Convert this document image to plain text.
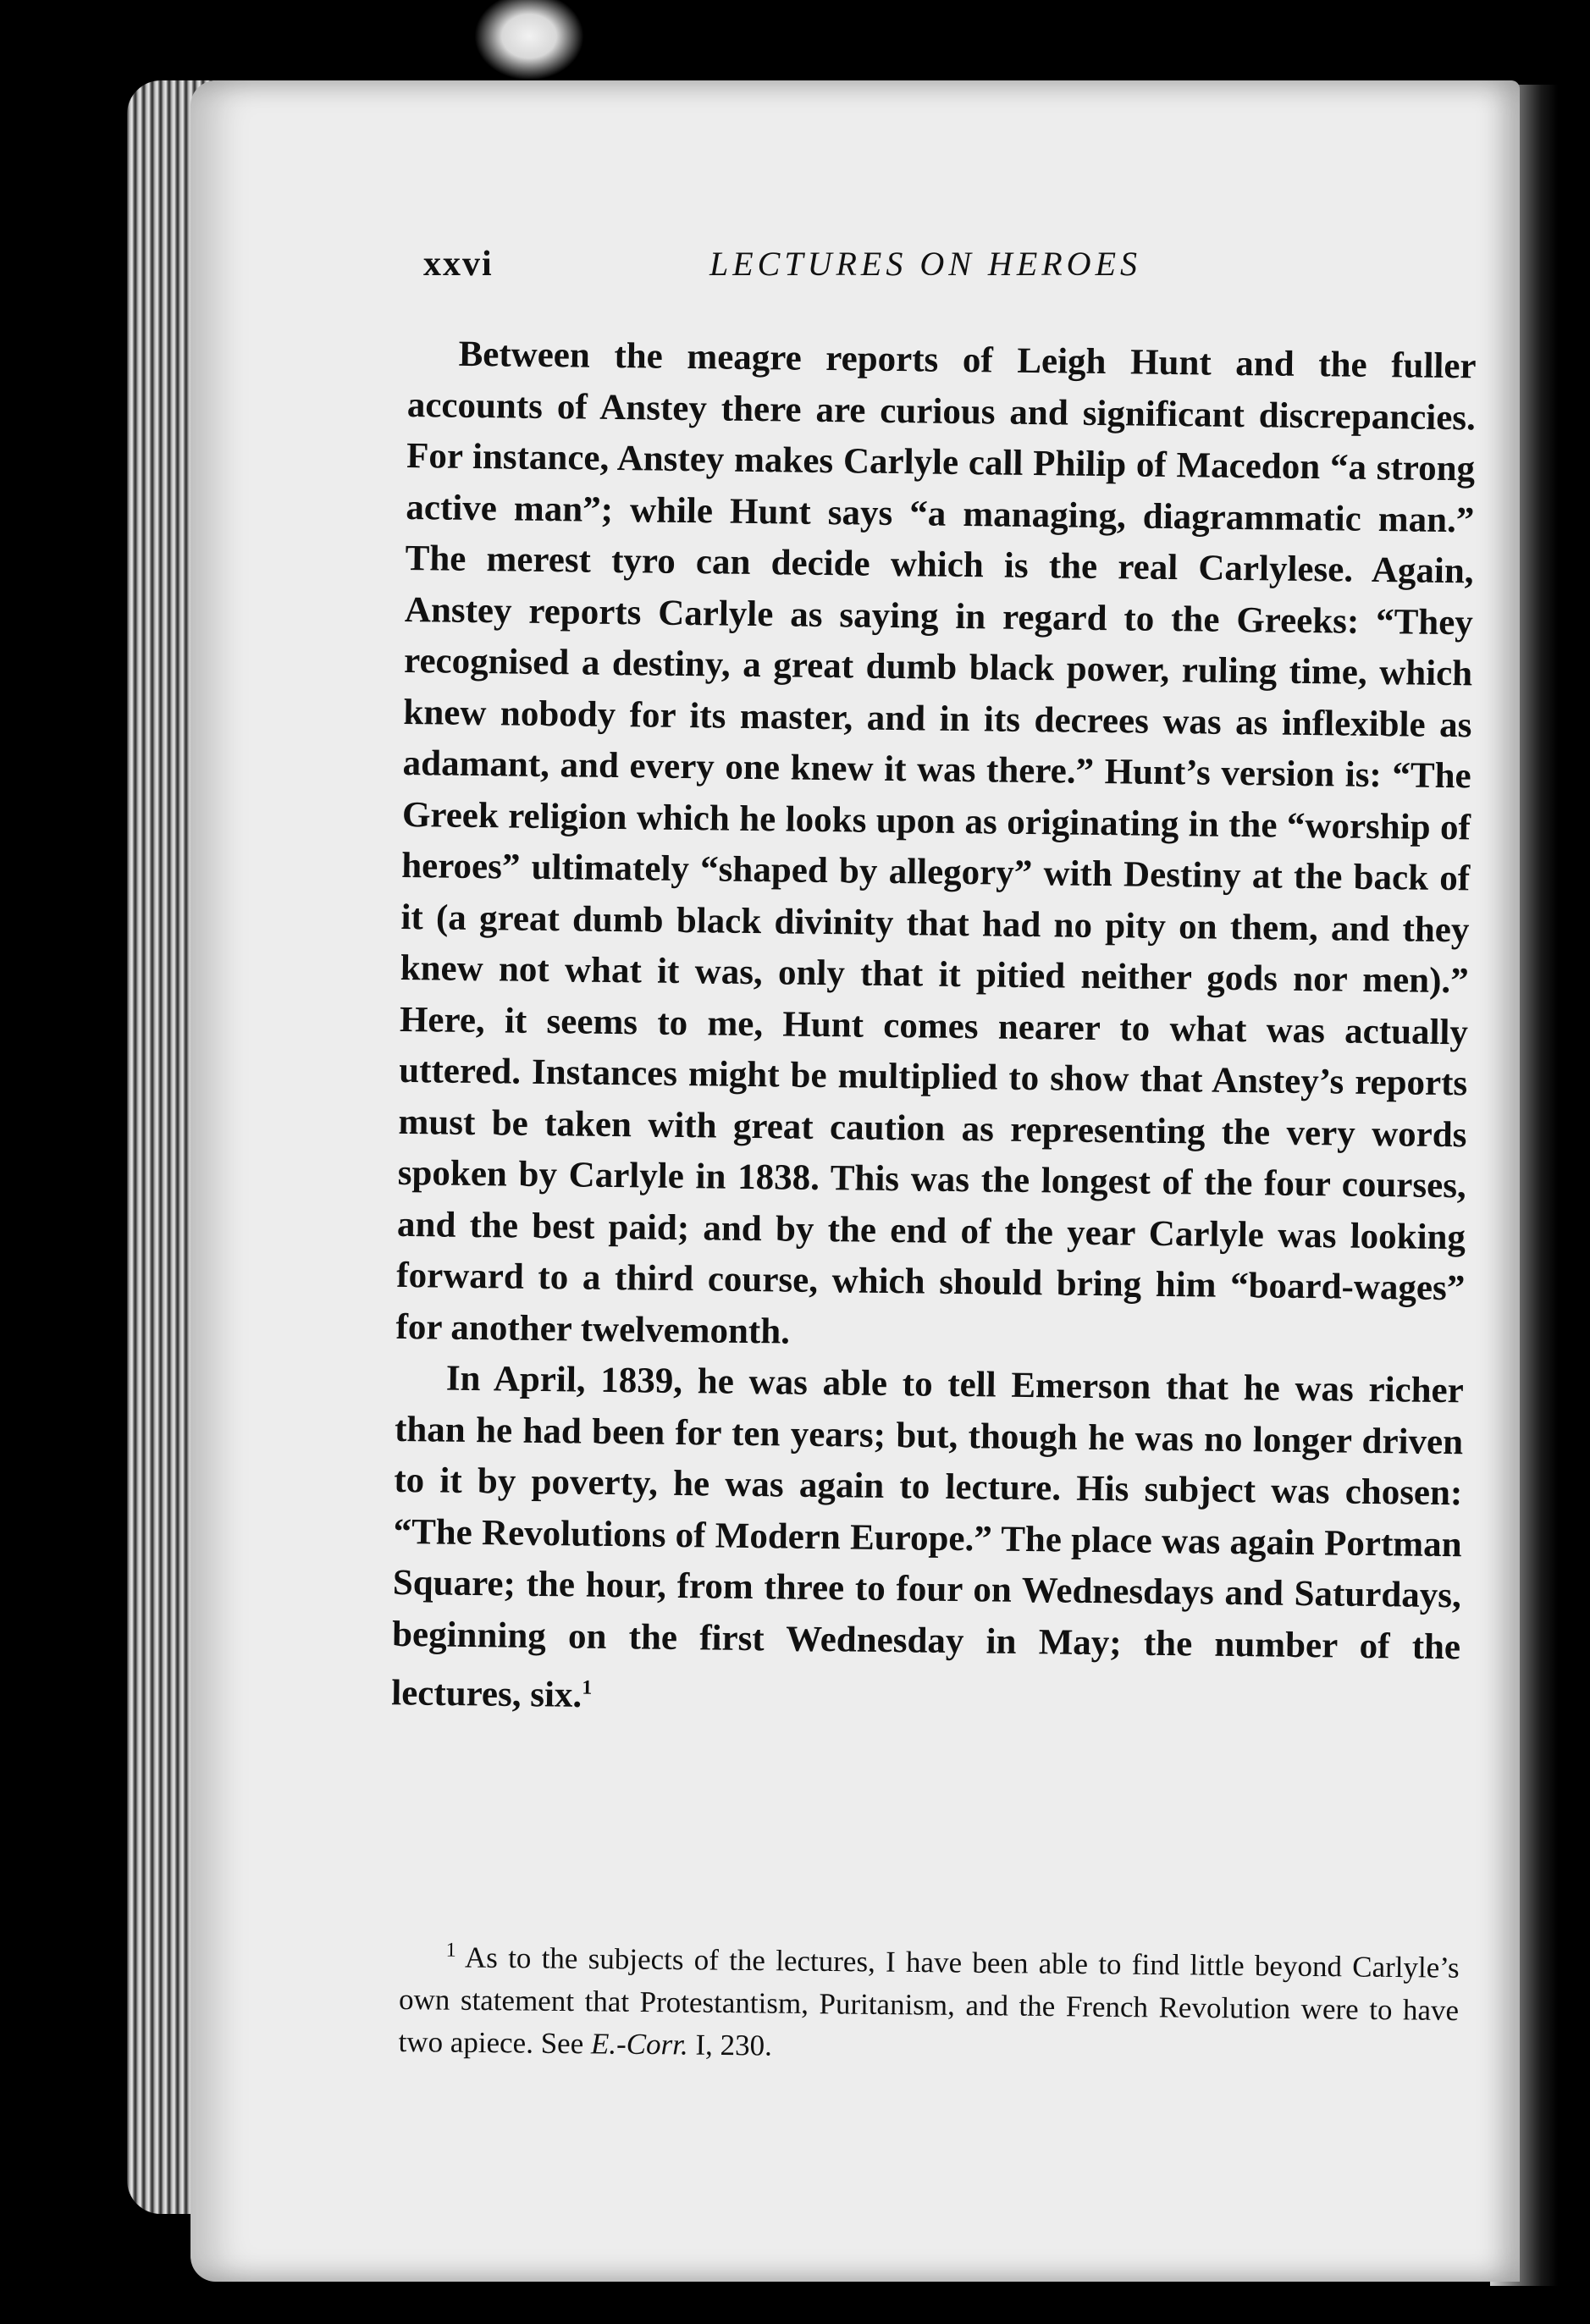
xxvi	LECTURES ON HEROES

Between the meagre reports of Leigh Hunt and the fuller accounts of Anstey there are curious and significant discrepancies. For instance, Anstey makes Carlyle call Philip of Macedon “a strong active man”; while Hunt says “a managing, diagrammatic man.” The merest tyro can decide which is the real Carlylese. Again, Anstey reports Carlyle as saying in regard to the Greeks: “They recognised a destiny, a great dumb black power, ruling time, which knew nobody for its master, and in its decrees was as inflexible as adamant, and every one knew it was there.” Hunt’s version is: “The Greek religion which he looks upon as originating in the “worship of heroes” ultimately “shaped by allegory” with Destiny at the back of it (a great dumb black divinity that had no pity on them, and they knew not what it was, only that it pitied neither gods nor men).” Here, it seems to me, Hunt comes nearer to what was actually uttered. Instances might be multiplied to show that Anstey’s reports must be taken with great caution as representing the very words spoken by Carlyle in 1838. This was the longest of the four courses, and the best paid; and by the end of the year Carlyle was looking forward to a third course, which should bring him “board-wages” for another twelvemonth.

In April, 1839, he was able to tell Emerson that he was richer than he had been for ten years; but, though he was no longer driven to it by poverty, he was again to lecture. His subject was chosen: “The Revolutions of Modern Europe.” The place was again Portman Square; the hour, from three to four on Wednesdays and Saturdays, beginning on the first Wednesday in May; the number of the lectures, six.$^1$

$^1$ As to the subjects of the lectures, I have been able to find little beyond Carlyle’s own statement that Protestantism, Puritanism, and the French Revolution were to have two apiece. See E.-Corr. I, 230.
